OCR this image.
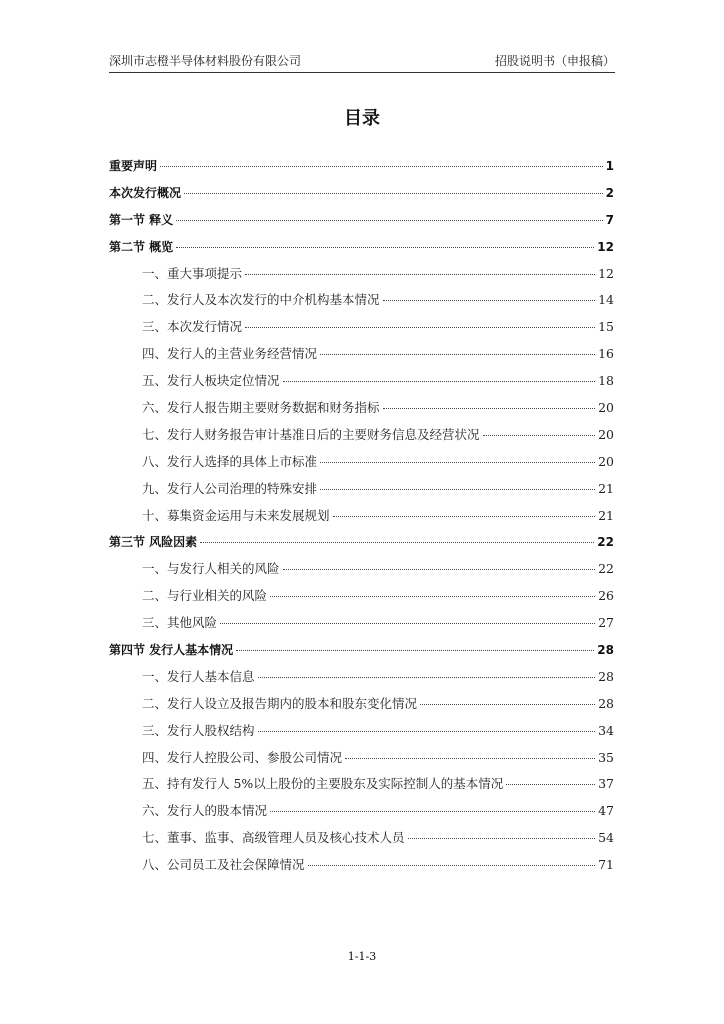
深圳市志橙半导体材料股份有限公司	招股说明书（申报稿）
目录
重要声明	1
本次发行概况	2
第一节 释义	7
第二节 概览	12
一、重大事项提示	12
二、发行人及本次发行的中介机构基本情况	14
三、本次发行情况	15
四、发行人的主营业务经营情况	16
五、发行人板块定位情况	18
六、发行人报告期主要财务数据和财务指标	20
七、发行人财务报告审计基准日后的主要财务信息及经营状况	20
八、发行人选择的具体上市标准	20
九、发行人公司治理的特殊安排	21
十、募集资金运用与未来发展规划	21
第三节 风险因素	22
一、与发行人相关的风险	22
二、与行业相关的风险	26
三、其他风险	27
第四节 发行人基本情况	28
一、发行人基本信息	28
二、发行人设立及报告期内的股本和股东变化情况	28
三、发行人股权结构	34
四、发行人控股公司、参股公司情况	35
五、持有发行人 5%以上股份的主要股东及实际控制人的基本情况	37
六、发行人的股本情况	47
七、董事、监事、高级管理人员及核心技术人员	54
八、公司员工及社会保障情况	71
1-1-3
